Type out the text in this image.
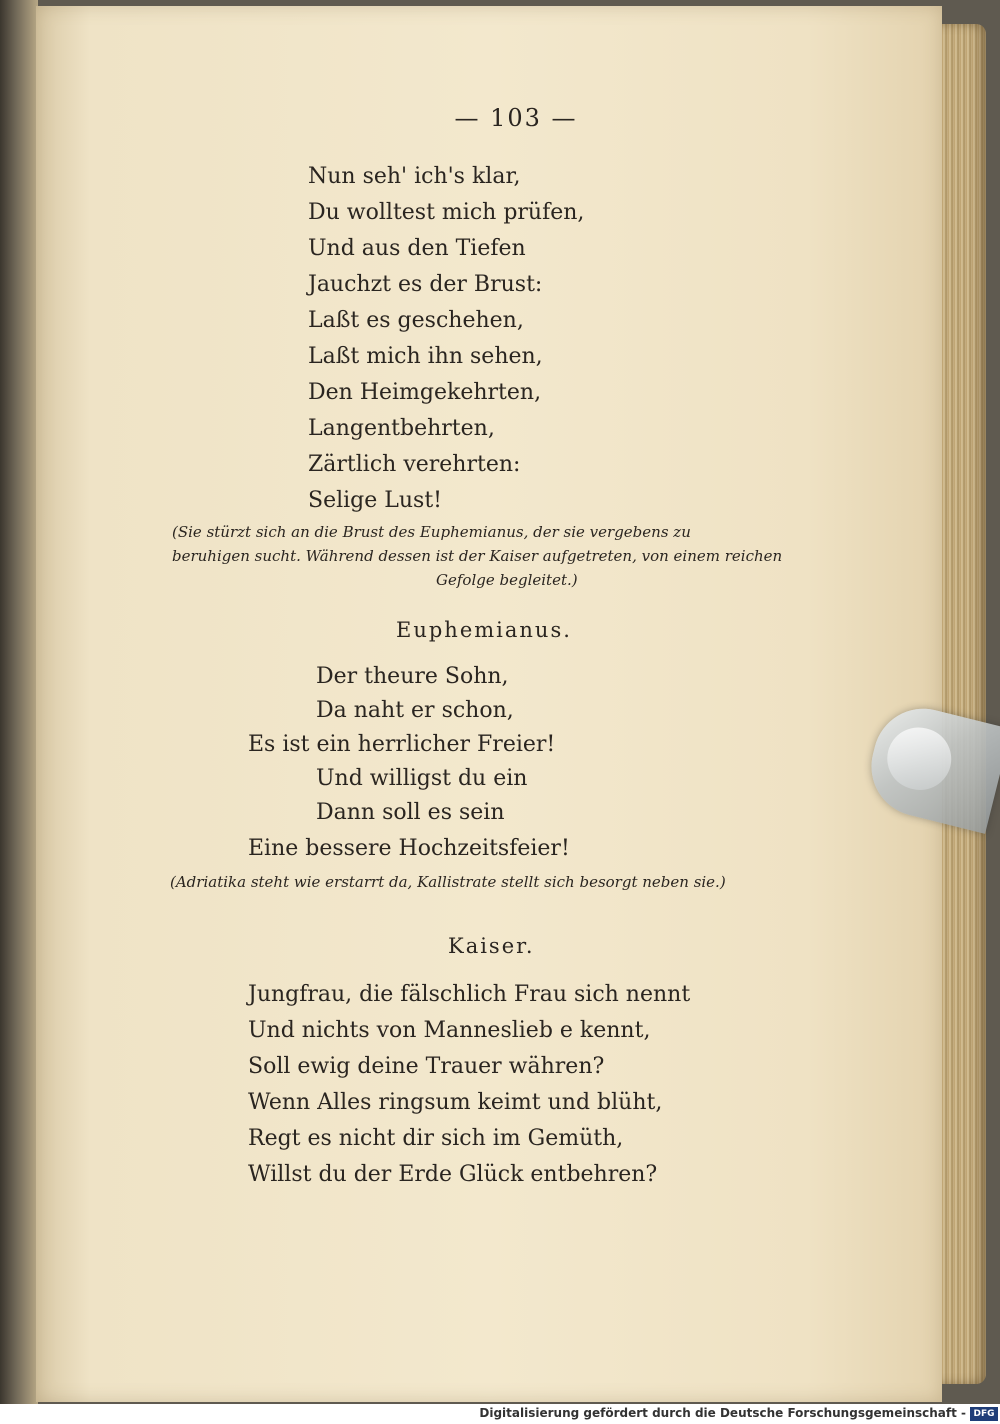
— 103 —
Nun seh' ich's klar,
Du wolltest mich prüfen,
Und aus den Tiefen
Jauchzt es der Brust:
Laßt es geschehen,
Laßt mich ihn sehen,
Den Heimgekehrten,
Langentbehrten,
Zärtlich verehrten:
Selige Lust!
(Sie stürzt sich an die Brust des Euphemianus, der sie vergebens zu
beruhigen sucht. Während dessen ist der Kaiser aufgetreten, von einem reichen
Gefolge begleitet.)
Euphemianus.
Der theure Sohn,
Da naht er schon,
Es ist ein herrlicher Freier!
Und willigst du ein
Dann soll es sein
Eine bessere Hochzeitsfeier!
(Adriatika steht wie erstarrt da, Kallistrate stellt sich besorgt neben sie.)
Kaiser.
Jungfrau, die fälschlich Frau sich nennt
Und nichts von Manneslieb e kennt,
Soll ewig deine Trauer währen?
Wenn Alles ringsum keimt und blüht,
Regt es nicht dir sich im Gemüth,
Willst du der Erde Glück entbehren?
Digitalisierung gefördert durch die Deutsche Forschungsgemeinschaft - DFG
